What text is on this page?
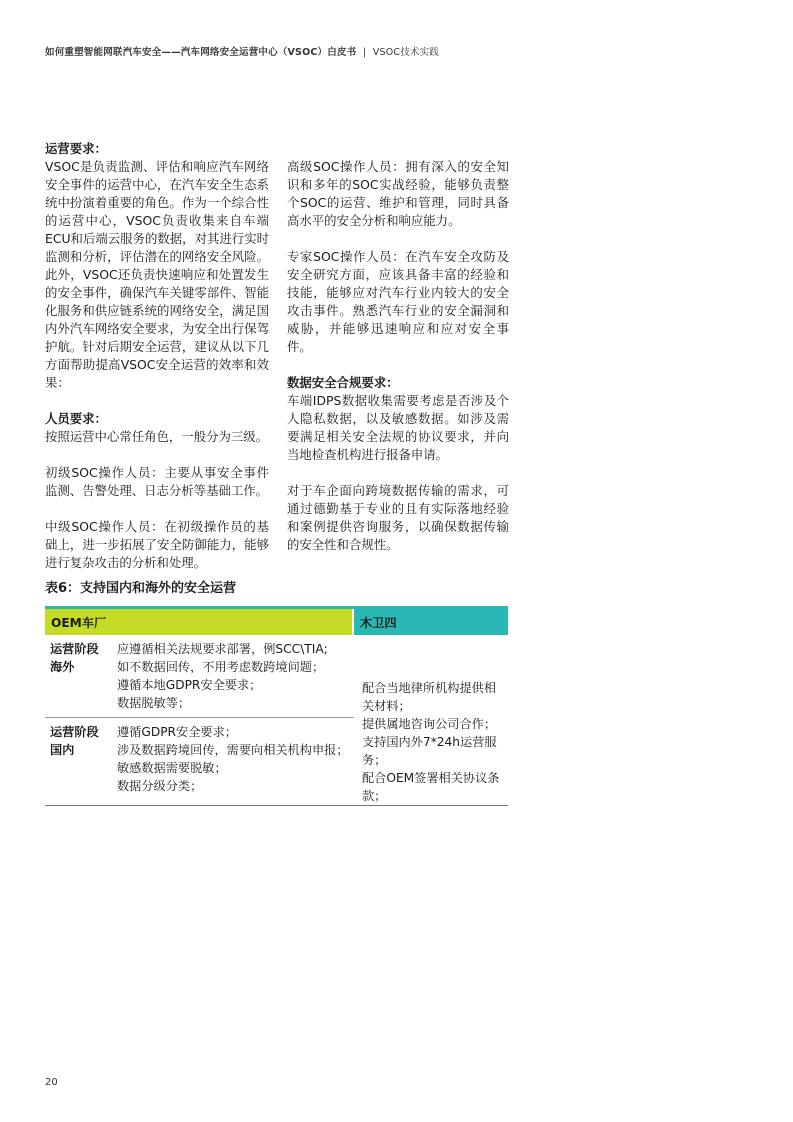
如何重塑智能网联汽车安全——汽车网络安全运营中心（VSOC）白皮书 | VSOC技术实践
运营要求：

VSOC是负责监测、评估和响应汽车网络安全事件的运营中心，在汽车安全生态系统中扮演着重要的角色。作为一个综合性的运营中心，VSOC负责收集来自车端ECU和后端云服务的数据，对其进行实时监测和分析，评估潜在的网络安全风险。此外，VSOC还负责快速响应和处置发生的安全事件，确保汽车关键零部件、智能化服务和供应链系统的网络安全，满足国内外汽车网络安全要求，为安全出行保驾护航。针对后期安全运营，建议从以下几方面帮助提高VSOC安全运营的效率和效果：

人员要求：

按照运营中心常任角色，一般分为三级。

初级SOC操作人员：主要从事安全事件监测、告警处理、日志分析等基础工作。

中级SOC操作人员：在初级操作员的基础上，进一步拓展了安全防御能力，能够进行复杂攻击的分析和处理。

高级SOC操作人员：拥有深入的安全知识和多年的SOC实战经验，能够负责整个SOC的运营、维护和管理，同时具备高水平的安全分析和响应能力。

专家SOC操作人员：在汽车安全攻防及安全研究方面，应该具备丰富的经验和技能，能够应对汽车行业内较大的安全攻击事件。熟悉汽车行业的安全漏洞和威胁，并能够迅速响应和应对安全事件。

数据安全合规要求：

车端IDPS数据收集需要考虑是否涉及个人隐私数据，以及敏感数据。如涉及需要满足相关安全法规的协议要求，并向当地检查机构进行报备申请。

对于车企面向跨境数据传输的需求，可通过德勤基于专业的且有实际落地经验和案例提供咨询服务，以确保数据传输的安全性和合规性。

表6：支持国内和海外的安全运营
OEM车厂	木卫四
运营阶段
海外
应遵循相关法规要求部署，例SCC\TIA;
如不数据回传，不用考虑数跨境问题；
遵循本地GDPR安全要求；
数据脱敏等；
运营阶段
国内
遵循GDPR安全要求；
涉及数据跨境回传，需要向相关机构申报；
敏感数据需要脱敏；
数据分级分类；
配合当地律所机构提供相关材料；
提供属地咨询公司合作；
支持国内外7*24h运营服务；
配合OEM签署相关协议条款；
20
